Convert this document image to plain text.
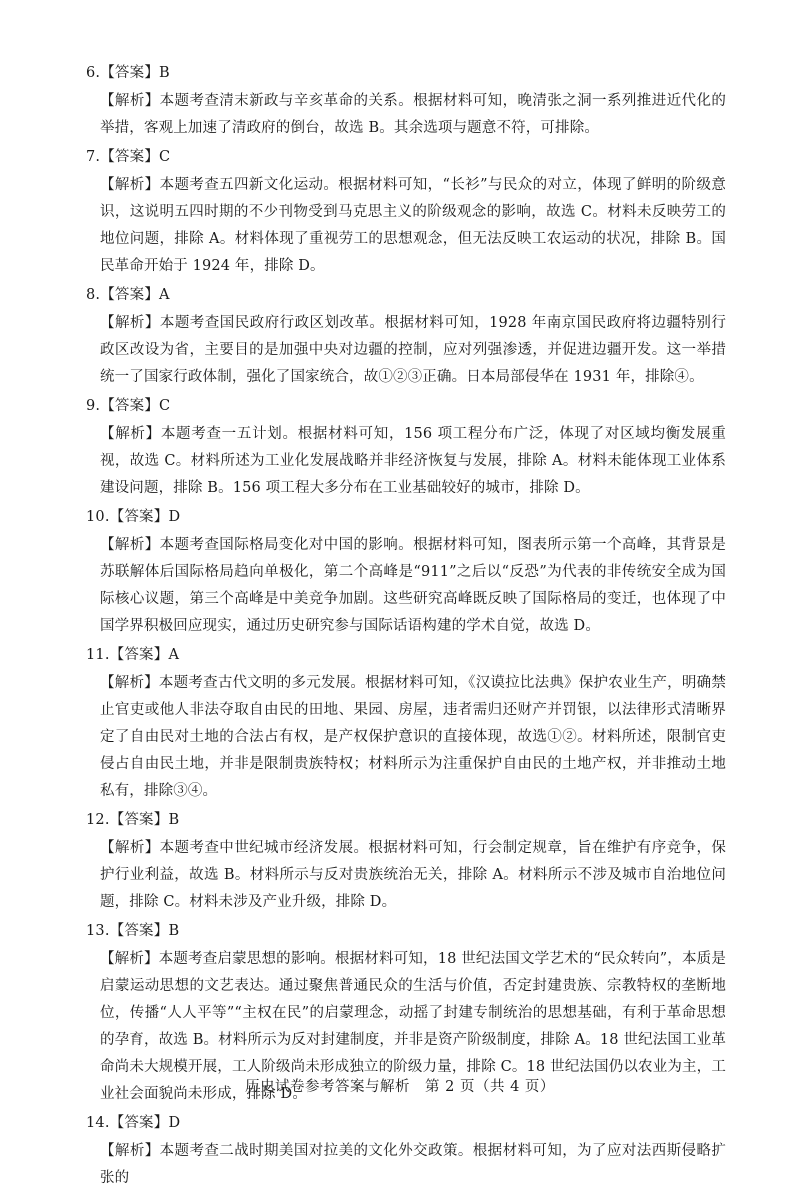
6.【答案】B

【解析】本题考查清末新政与辛亥革命的关系。根据材料可知，晚清张之洞一系列推进近代化的举措，客观上加速了清政府的倒台，故选 B。其余选项与题意不符，可排除。

7.【答案】C

【解析】本题考查五四新文化运动。根据材料可知，“长衫”与民众的对立，体现了鲜明的阶级意识，这说明五四时期的不少刊物受到马克思主义的阶级观念的影响，故选 C。材料未反映劳工的地位问题，排除 A。材料体现了重视劳工的思想观念，但无法反映工农运动的状况，排除 B。国民革命开始于 1924 年，排除 D。

8.【答案】A

【解析】本题考查国民政府行政区划改革。根据材料可知，1928 年南京国民政府将边疆特别行政区改设为省，主要目的是加强中央对边疆的控制，应对列强渗透，并促进边疆开发。这一举措统一了国家行政体制，强化了国家统合，故①②③正确。日本局部侵华在 1931 年，排除④。

9.【答案】C

【解析】本题考查一五计划。根据材料可知，156 项工程分布广泛，体现了对区域均衡发展重视，故选 C。材料所述为工业化发展战略并非经济恢复与发展，排除 A。材料未能体现工业体系建设问题，排除 B。156 项工程大多分布在工业基础较好的城市，排除 D。

10.【答案】D

【解析】本题考查国际格局变化对中国的影响。根据材料可知，图表所示第一个高峰，其背景是苏联解体后国际格局趋向单极化，第二个高峰是“911”之后以“反恐”为代表的非传统安全成为国际核心议题，第三个高峰是中美竞争加剧。这些研究高峰既反映了国际格局的变迁，也体现了中国学界积极回应现实，通过历史研究参与国际话语构建的学术自觉，故选 D。

11.【答案】A

【解析】本题考查古代文明的多元发展。根据材料可知，《汉谟拉比法典》保护农业生产，明确禁止官吏或他人非法夺取自由民的田地、果园、房屋，违者需归还财产并罚银，以法律形式清晰界定了自由民对土地的合法占有权，是产权保护意识的直接体现，故选①②。材料所述，限制官吏侵占自由民土地，并非是限制贵族特权；材料所示为注重保护自由民的土地产权，并非推动土地私有，排除③④。

12.【答案】B

【解析】本题考查中世纪城市经济发展。根据材料可知，行会制定规章，旨在维护有序竞争，保护行业利益，故选 B。材料所示与反对贵族统治无关，排除 A。材料所示不涉及城市自治地位问题，排除 C。材料未涉及产业升级，排除 D。

13.【答案】B

【解析】本题考查启蒙思想的影响。根据材料可知，18 世纪法国文学艺术的“民众转向”，本质是启蒙运动思想的文艺表达。通过聚焦普通民众的生活与价值，否定封建贵族、宗教特权的垄断地位，传播“人人平等”“主权在民”的启蒙理念，动摇了封建专制统治的思想基础，有利于革命思想的孕育，故选 B。材料所示为反对封建制度，并非是资产阶级制度，排除 A。18 世纪法国工业革命尚未大规模开展，工人阶级尚未形成独立的阶级力量，排除 C。18 世纪法国仍以农业为主，工业社会面貌尚未形成，排除 D。

14.【答案】D

【解析】本题考查二战时期美国对拉美的文化外交政策。根据材料可知，为了应对法西斯侵略扩张的

历史试卷参考答案与解析　第 2 页（共 4 页）
